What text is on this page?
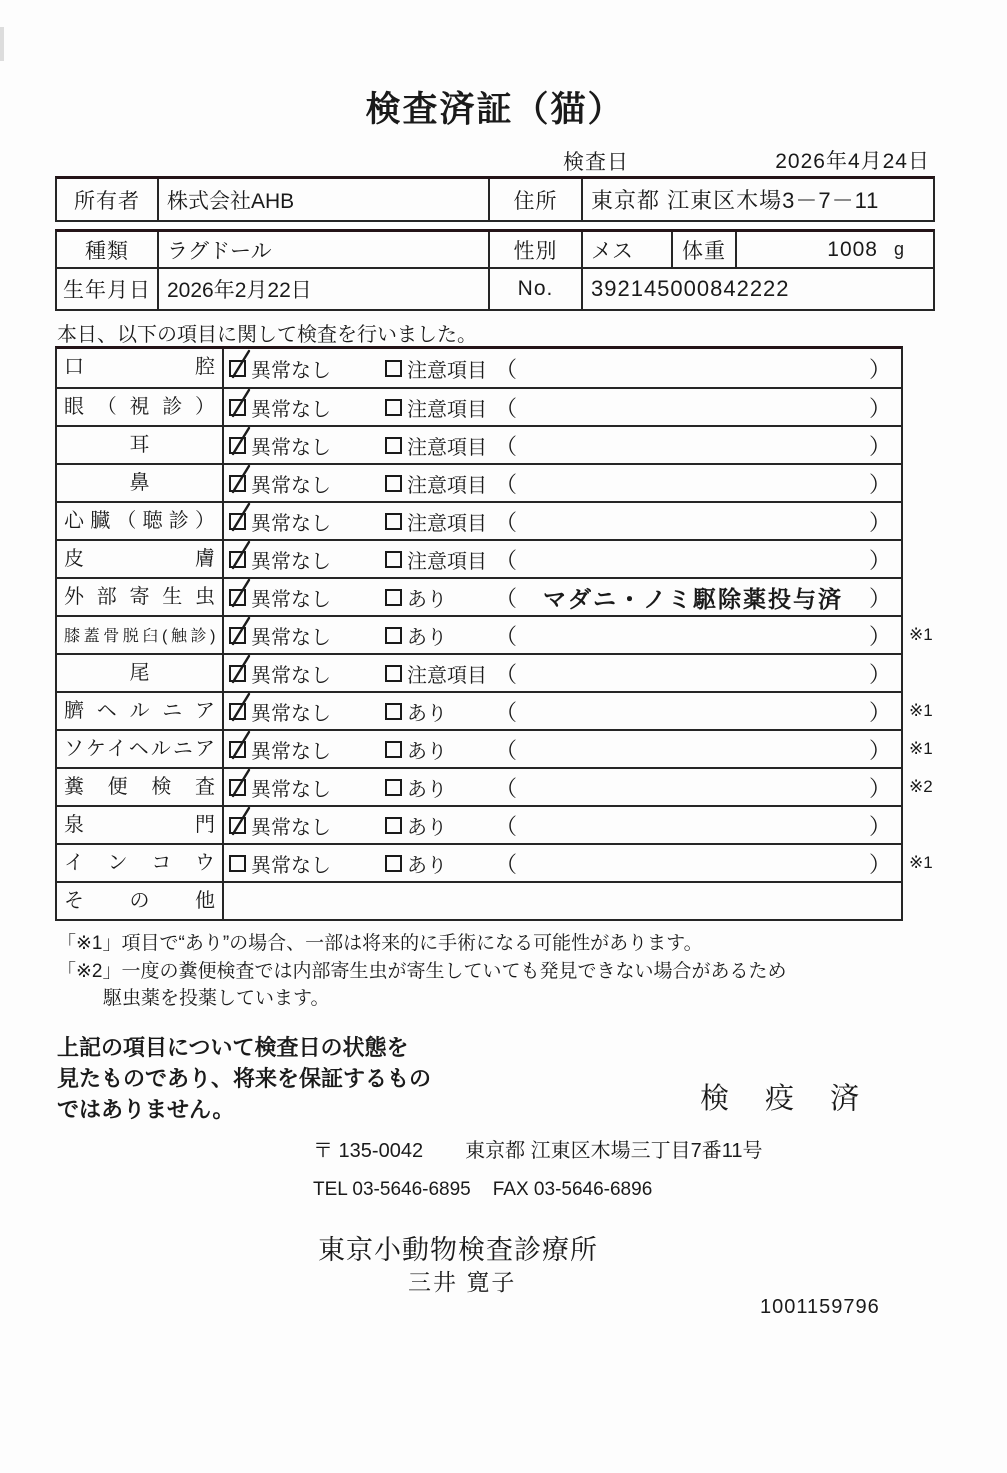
検査済証（猫）
検査日	2026年4月24日
所有者	株式会社AHB	住所	東京都 江東区木場3－7－11
種類	ラグドール	性別	メス	体重	1008 g
生年月日 2026年2月22日	No.	392145000842222
本日、以下の項目に関して検査を行いました。
口腔	異常なし	注意項目 （	）
眼（視診）	異常なし	注意項目 （	）
耳	異常なし	注意項目 （	）
鼻	異常なし	注意項目 （	）
心臓（聴診）	異常なし	注意項目 （	）
皮膚	異常なし	注意項目 （	）
外部寄生虫	異常なし	あり （	マダニ・ノミ駆除薬投与済	）
膝蓋骨脱臼(触診)	異常なし	あり （	） ※1
尾	異常なし	注意項目 （	）
臍ヘルニア	異常なし	あり （	） ※1
ソケイヘルニア	異常なし	あり （	） ※1
糞便検査	異常なし	あり （	） ※2
泉門	異常なし	あり （	）
インコウ	異常なし	あり （	） ※1
その他
「※1」項目で“あり”の場合、一部は将来的に手術になる可能性があります。
「※2」一度の糞便検査では内部寄生虫が寄生していても発見できない場合があるため
駆虫薬を投薬しています。
上記の項目について検査日の状態を
見たものであり、将来を保証するもの
ではありません。	検 疫 済
〒 135-0042 東京都 江東区木場三丁目7番11号
TEL 03-5646-6895 FAX 03-5646-6896
東京小動物検査診療所
三井 寛子
1001159796
